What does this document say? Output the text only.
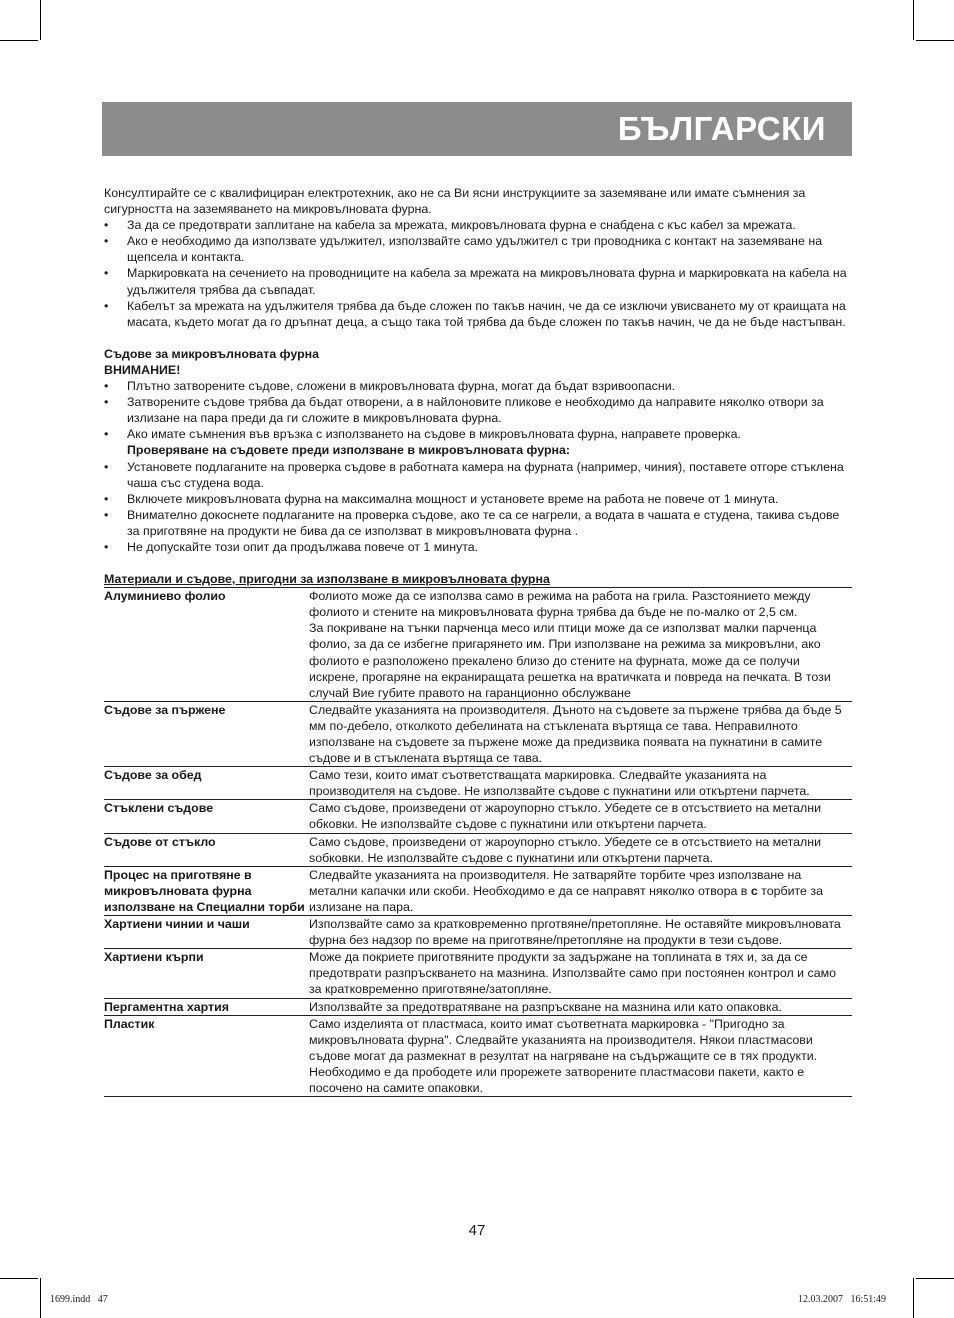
БЪЛГАРСКИ

Консултирайте се с квалифициран електротехник, ако не са Ви ясни инструкциите за заземяване или имате съмнения за сигурността на заземяването на микровълновата фурна.

• За да се предотврати заплитане на кабела за мрежата, микровълновата фурна е снабдена с къс кабел за мрежата.
• Ако е необходимо да използвате удължител, използвайте само удължител с три проводника с контакт на заземяване на щепсела и контакта.
• Маркировката на сечението на проводниците на кабела за мрежата на микровълновата фурна и маркировката на кабела на удължителя трябва да съвпадат.
• Кабелът за мрежата на удължителя трябва да бъде сложен по такъв начин, че да се изключи увисването му от краищата на масата, където могат да го дръпнат деца, а също така той трябва да бъде сложен по такъв начин, че да не бъде настъпван.

Съдове за микровълновата фурна

ВНИМАНИЕ!

• Плътно затворените съдове, сложени в микровълновата фурна, могат да бъдат взривоопасни.
• Затворените съдове трябва да бъдат отворени, а в найлоновите пликове е необходимо да направите няколко отвори за излизане на пара преди да ги сложите в микровълновата фурна.
• Ако имате съмнения във връзка с използването на съдове в микровълновата фурна, направете проверка.
Проверяване на съдовете преди използване в микровълновата фурна:
• Установете подлаганите на проверка съдове в работната камера на фурната (например, чиния), поставете отгоре стъклена чаша със студена вода.
• Включете микровълновата фурна на максимална мощност и установете време на работа не повече от 1 минута.
• Внимателно докоснете подлаганите на проверка съдове, ако те са се нагрели, а водата в чашата е студена, такива съдове за приготвяне на продукти не бива да се използват в микровълновата фурна .
• Не допускайте този опит да продължава повече от 1 минута.

Материали и съдове, пригодни за използване в микровълновата фурна

Алуминиево фолио	Фолиото може да се използва само в режима на работа на грила. Разстоянието между фолиото и стените на микровълновата фурна трябва да бъде не по-малко от 2,5 см.
За покриване на тънки парченца месо или птици може да се използват малки парченца фолио, за да се избегне пригарянето им. При използване на режима за микровълни, ако фолиото е разположено прекалено близо до стените на фурната, може да се получи искрене, прогаряне на екраниращата решетка на вратичката и повреда на печката. В този случай Вие губите правото на гаранционно обслужване
Съдове за пържене	Следвайте указанията на производителя. Дъното на съдовете за пържене трябва да бъде 5 мм по-дебело, отколкото дебелината на стъклената въртяща се тава. Неправилното използване на съдовете за пържене може да предизвика появата на пукнатини в самите съдове и в стъклената въртяща се тава.
Съдове за обед	Само тези, които имат съответстващата маркировка. Следвайте указанията на производителя на съдове. Не използвайте съдове с пукнатини или откъртени парчета.
Стъклени съдове	Само съдове, произведени от жароупорно стъкло. Убедете се в отсъствието на метални обковки. Не използвайте съдове с пукнатини или откъртени парчета.
Съдове от стъкло	Само съдове, произведени от жароупорно стъкло. Убедете се в отсъствието на метални sобковки. Не използвайте съдове с пукнатини или откъртени парчета.
Процес на приготвяне в микровълновата фурна използване на Специални торби	Следвайте указанията на производителя. Не затваряйте торбите чрез използване на метални капачки или скоби. Необходимо е да се направят няколко отвора в с торбите за излизане на пара.
Хартиени чинии и чаши	Използвайте само за кратковременно прготвяне/претопляне. Не оставяйте микровълновата фурна без надзор по време на приготвяне/претопляне на продукти в тези съдове.
Хартиени кърпи	Може да покриете приготвяните продукти за задържане на топлината в тях и, за да се предотврати разпръскването на мазнина. Използвайте само при постоянен контрол и само за кратковременно приготвяне/затопляне.
Пергаментна хартия	Използвайте за предотвратяване на разпръскване на мазнина или като опаковка.
Пластик	Само изделията от пластмаса, които имат съответната маркировка - "Пригодно за микровълновата фурна". Следвайте указанията на производителя. Някои пластмасови съдове могат да размекнат в резултат на нагряване на съдържащите се в тях продукти. Необходимо е да прободете или прорежете затворените пластмасови пакети, както е посочено на самите опаковки.
47
1699.indd   47	12.03.2007   16:51:49
